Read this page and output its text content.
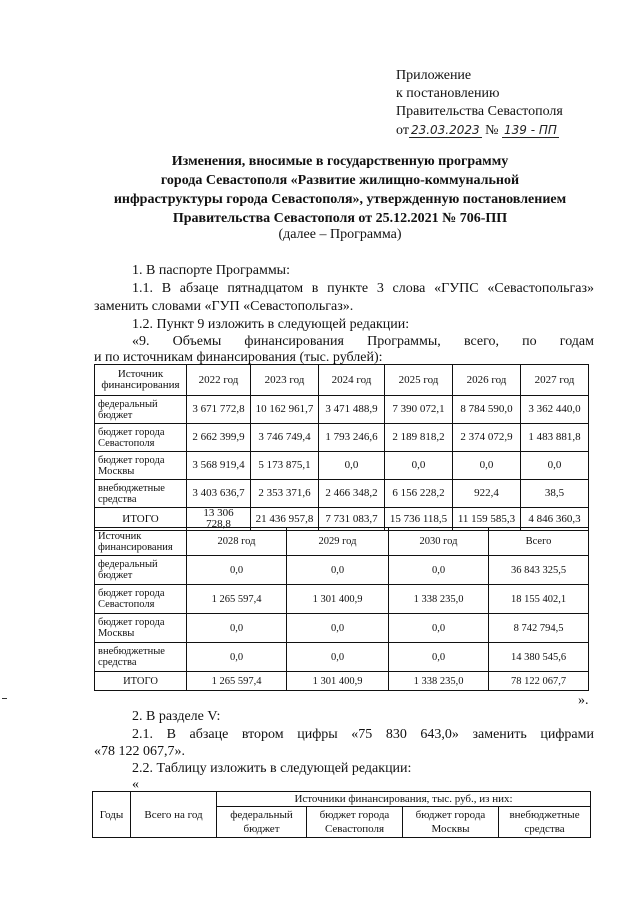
Приложение
к постановлению
Правительства Севастополя
от 23.03.2023 № 139 - ПП
Изменения, вносимые в государственную программу
города Севастополя «Развитие жилищно-коммунальной
инфраструктуры города Севастополя», утвержденную постановлением
Правительства Севастополя от 25.12.2021 № 706-ПП
(далее – Программа)
1. В паспорте Программы:
1.1. В абзаце пятнадцатом в пункте 3 слова «ГУПС «Севастопольгаз»
заменить словами «ГУП «Севастопольгаз».
1.2. Пункт 9 изложить в следующей редакции:
«9. Объемы финансирования Программы, всего, по годам
и по источникам финансирования (тыс. рублей):
Источник финансирования	2022 год	2023 год	2024 год	2025 год	2026 год	2027 год
федеральный бюджет	3 671 772,8	10 162 961,7	3 471 488,9	7 390 072,1	8 784 590,0	3 362 440,0
бюджет города Севастополя	2 662 399,9	3 746 749,4	1 793 246,6	2 189 818,2	2 374 072,9	1 483 881,8
бюджет города Москвы	3 568 919,4	5 173 875,1	0,0	0,0	0,0	0,0
внебюджетные средства	3 403 636,7	2 353 371,6	2 466 348,2	6 156 228,2	922,4	38,5
ИТОГО	13 306 728,8	21 436 957,8	7 731 083,7	15 736 118,5	11 159 585,3	4 846 360,3
Источник финансирования	2028 год	2029 год	2030 год	Всего
федеральный бюджет	0,0	0,0	0,0	36 843 325,5
бюджет города Севастополя	1 265 597,4	1 301 400,9	1 338 235,0	18 155 402,1
бюджет города Москвы	0,0	0,0	0,0	8 742 794,5
внебюджетные средства	0,0	0,0	0,0	14 380 545,6
ИТОГО	1 265 597,4	1 301 400,9	1 338 235,0	78 122 067,7
».
2. В разделе V:
2.1. В абзаце втором цифры «75 830 643,0» заменить цифрами
«78 122 067,7».
2.2. Таблицу изложить в следующей редакции:
«
Годы	Всего на год	Источники финансирования, тыс. руб., из них:			
		федеральный бюджет	бюджет города Севастополя	бюджет города Москвы	внебюджетные средства
